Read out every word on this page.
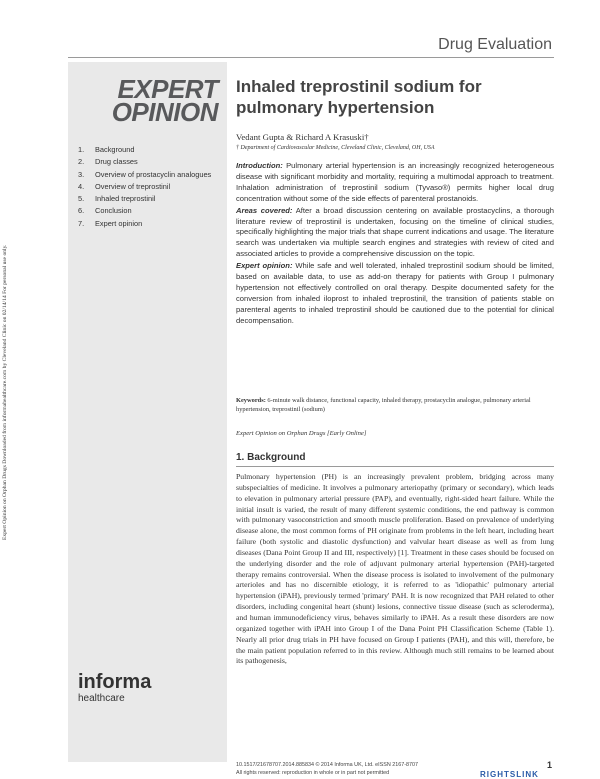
Expert Opinion on Orphan Drugs Downloaded from informahealthcare.com by Cleveland Clinic on 02/14/14 For personal use only.
Drug Evaluation
EXPERT
OPINION
1.	Background
2.	Drug classes
3.	Overview of prostacyclin analogues
4.	Overview of treprostinil
5.	Inhaled treprostinil
6.	Conclusion
7.	Expert opinion
informa
healthcare
Inhaled treprostinil sodium for pulmonary hypertension
Vedant Gupta & Richard A Krasuski†
† Department of Cardiovascular Medicine, Cleveland Clinic, Cleveland, OH, USA

Introduction: Pulmonary arterial hypertension is an increasingly recognized heterogeneous disease with significant morbidity and mortality, requiring a multimodal approach to treatment. Inhalation administration of treprostinil sodium (Tyvaso®) permits higher local drug concentration without some of the side effects of parenteral prostanoids.

Areas covered: After a broad discussion centering on available prostacyclins, a thorough literature review of treprostinil is undertaken, focusing on the timeline of clinical studies, specifically highlighting the major trials that shape current indications and usage. The literature search was undertaken via multiple search engines and strategies with review of cited and associated articles to provide a comprehensive discussion on the topic.

Expert opinion: While safe and well tolerated, inhaled treprostinil sodium should be limited, based on available data, to use as add-on therapy for patients with Group I pulmonary hypertension not effectively controlled on oral therapy. Despite documented safety for the conversion from inhaled iloprost to inhaled treprostinil, the transition of patients stable on parenteral agents to inhaled treprostinil should be cautioned due to the potential for clinical decompensation.

Keywords: 6-minute walk distance, functional capacity, inhaled therapy, prostacyclin analogue, pulmonary arterial hypertension, treprostinil (sodium)
Expert Opinion on Orphan Drugs [Early Online]
1. Background
Pulmonary hypertension (PH) is an increasingly prevalent problem, bridging across many subspecialties of medicine. It involves a pulmonary arteriopathy (primary or secondary), which leads to elevation in pulmonary arterial pressure (PAP), and eventually, right-sided heart failure. While the initial insult is varied, the result of many different systemic conditions, the end pathway is common with pulmonary vasoconstriction and smooth muscle proliferation. Based on prevalence of underlying disease alone, the most common forms of PH originate from problems in the left heart, including heart failure (both systolic and diastolic dysfunction) and valvular heart disease as well as from lung diseases (Dana Point Group II and III, respectively) [1]. Treatment in these cases should be focused on the underlying disorder and the role of adjuvant pulmonary arterial hypertension (PAH)-targeted therapy remains controversial. When the disease process is isolated to involvement of the pulmonary arterioles and has no discernible etiology, it is referred to as 'idiopathic' pulmonary arterial hypertension (iPAH), previously termed 'primary' PAH. It is now recognized that PAH related to other disorders, including congenital heart (shunt) lesions, connective tissue disease (such as scleroderma), and human immunodeficiency virus, behaves similarly to iPAH. As a result these disorders are now organized together with iPAH into Group I of the Dana Point PH Classification Scheme (Table 1). Nearly all prior drug trials in PH have focused on Group I patients (PAH), and this will, therefore, be the main patient population referred to in this review. Although much still remains to be learned about its pathogenesis,
10.1517/21678707.2014.885834 © 2014 Informa UK, Ltd. eISSN 2167-8707
All rights reserved: reproduction in whole or in part not permitted
1
RIGHTSLINK
